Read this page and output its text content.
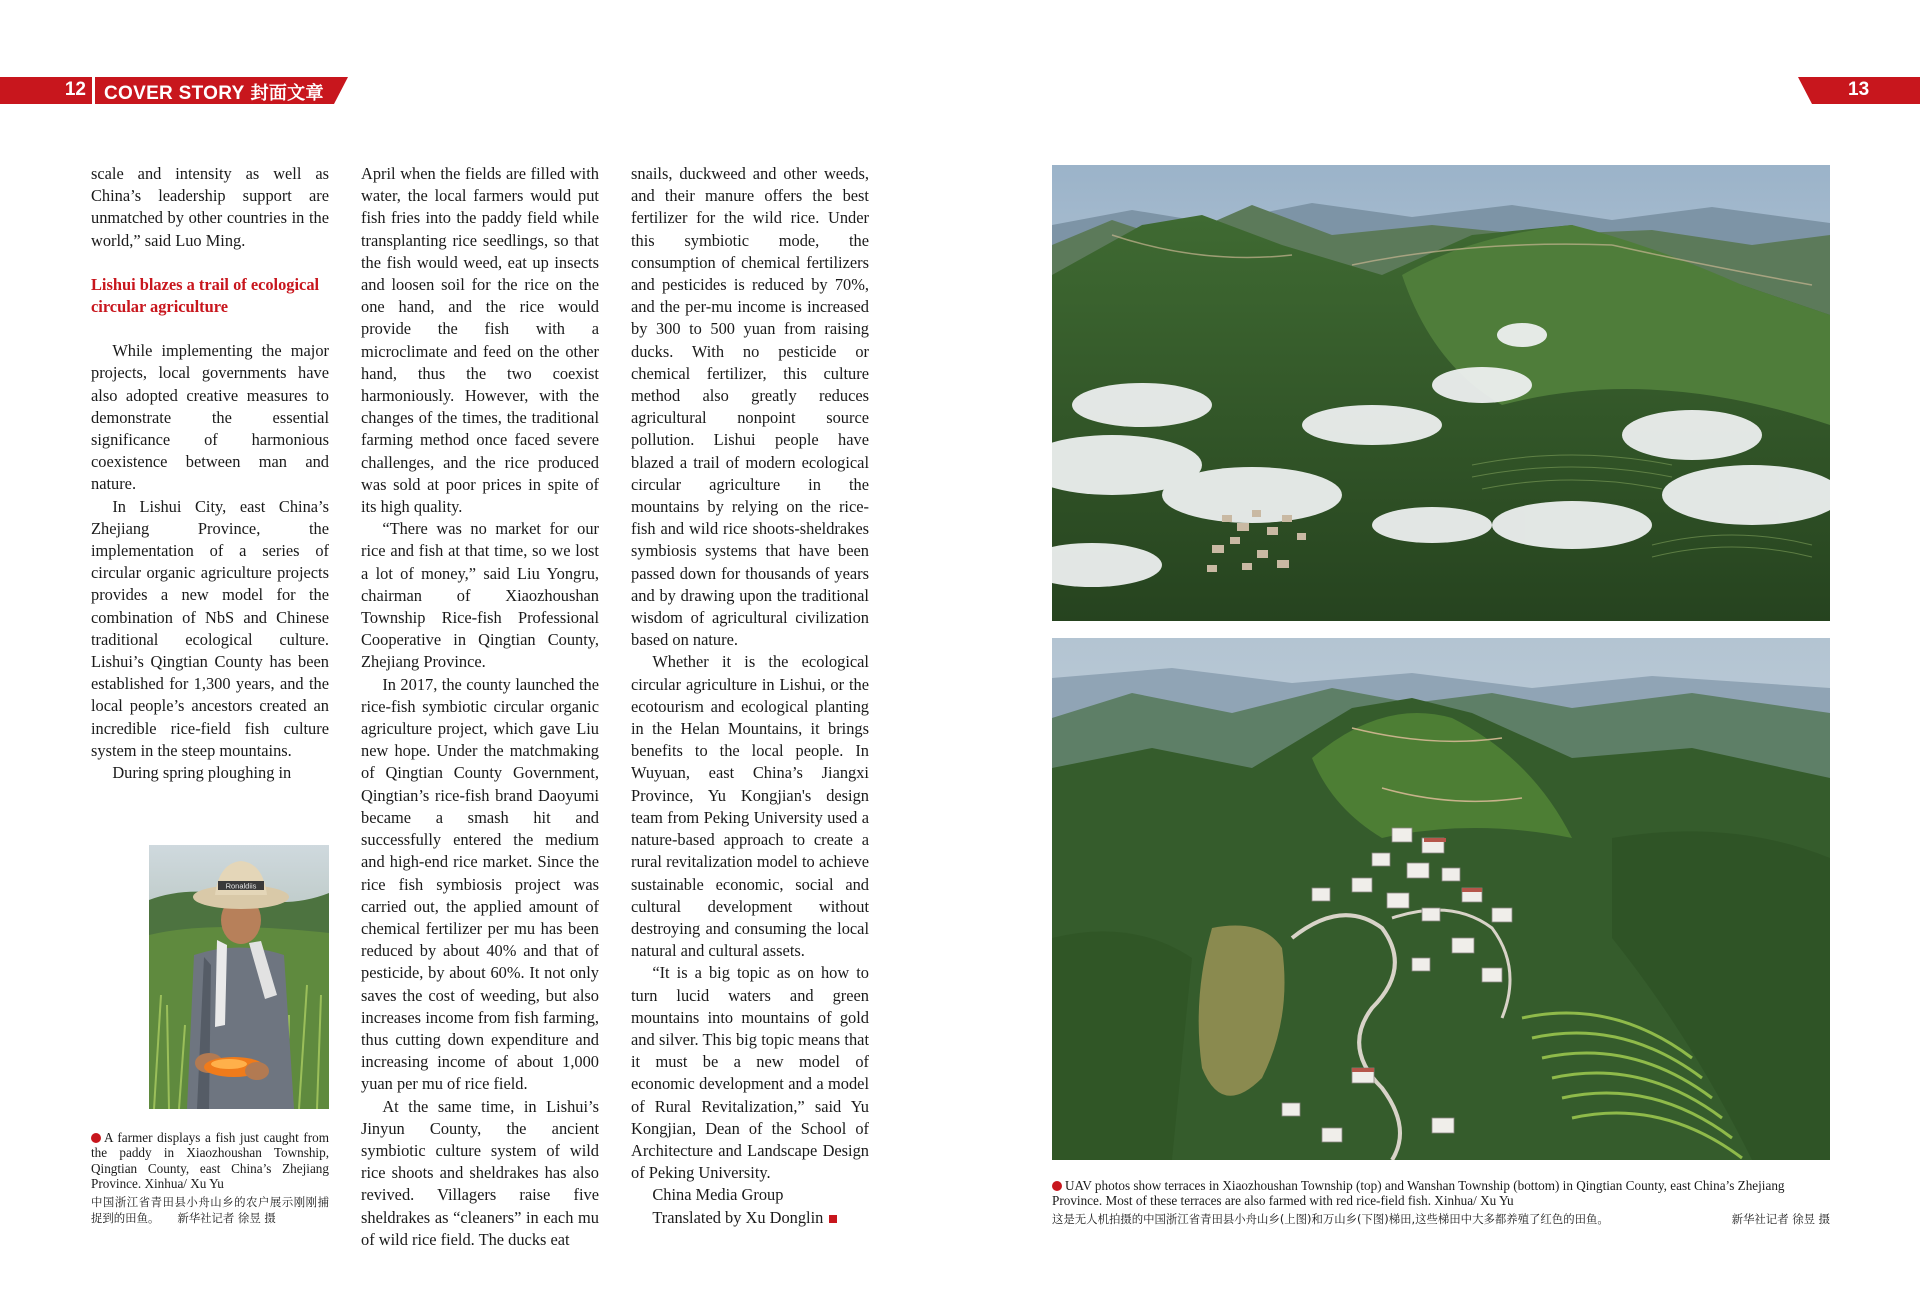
12 COVER STORY 封面文章	13

scale and intensity as well as China’s leadership support are unmatched by other countries in the world,” said Luo Ming.

Lishui blazes a trail of ecological circular agriculture

While implementing the major projects, local governments have also adopted creative measures to demonstrate the essential significance of harmonious coexistence between man and nature.

In Lishui City, east China’s Zhejiang Province, the implementation of a series of circular organic agriculture projects provides a new model for the combination of NbS and Chinese traditional ecological culture. Lishui’s Qingtian County has been established for 1,300 years, and the local people’s ancestors created an incredible rice-field fish culture system in the steep mountains.

During spring ploughing in

April when the fields are filled with water, the local farmers would put fish fries into the paddy field while transplanting rice seedlings, so that the fish would weed, eat up insects and loosen soil for the rice on the one hand, and the rice would provide the fish with a microclimate and feed on the other hand, thus the two coexist harmoniously. However, with the changes of the times, the traditional farming method once faced severe challenges, and the rice produced was sold at poor prices in spite of its high quality.

“There was no market for our rice and fish at that time, so we lost a lot of money,” said Liu Yongru, chairman of Xiaozhoushan Township Rice-fish Professional Cooperative in Qingtian County, Zhejiang Province.

In 2017, the county launched the rice-fish symbiotic circular organic agriculture project, which gave Liu new hope. Under the matchmaking of Qingtian County Government, Qingtian’s rice-fish brand Daoyumi became a smash hit and successfully entered the medium and high-end rice market. Since the rice fish symbiosis project was carried out, the applied amount of chemical fertilizer per mu has been reduced by about 40% and that of pesticide, by about 60%. It not only saves the cost of weeding, but also increases income from fish farming, thus cutting down expenditure and increasing income of about 1,000 yuan per mu of rice field.

At the same time, in Lishui’s Jinyun County, the ancient symbiotic culture system of wild rice shoots and sheldrakes has also revived. Villagers raise five sheldrakes as “cleaners” in each mu of wild rice field. The ducks eat

snails, duckweed and other weeds, and their manure offers the best fertilizer for the wild rice. Under this symbiotic mode, the consumption of chemical fertilizers and pesticides is reduced by 70%, and the per-mu income is increased by 300 to 500 yuan from raising ducks. With no pesticide or chemical fertilizer, this culture method also greatly reduces agricultural nonpoint source pollution. Lishui people have blazed a trail of modern ecological circular agriculture in the mountains by relying on the rice-fish and wild rice shoots-sheldrakes symbiosis systems that have been passed down for thousands of years and by drawing upon the traditional wisdom of agricultural civilization based on nature.

Whether it is the ecological circular agriculture in Lishui, or the ecotourism and ecological planting in the Helan Mountains, it brings benefits to the local people. In Wuyuan, east China’s Jiangxi Province, Yu Kongjian's design team from Peking University used a nature-based approach to create a rural revitalization model to achieve sustainable economic, social and cultural development without destroying and consuming the local natural and cultural assets.

“It is a big topic as on how to turn lucid waters and green mountains into mountains of gold and silver. This big topic means that it must be a new model of economic development and a model of Rural Revitalization,” said Yu Kongjian, Dean of the School of Architecture and Landscape Design of Peking University.

China Media Group

Translated by Xu Donglin

Ronaldiis
A farmer displays a fish just caught from the paddy in Xiaozhoushan Township, Qingtian County, east China’s Zhejiang Province. Xinhua/ Xu Yu
中国浙江省青田县小舟山乡的农户展示刚刚捕捉到的田鱼。 新华社记者 徐昱 摄
UAV photos show terraces in Xiaozhoushan Township (top) and Wanshan Township (bottom) in Qingtian County, east China’s Zhejiang Province. Most of these terraces are also farmed with red rice-field fish. Xinhua/ Xu Yu
这是无人机拍摄的中国浙江省青田县小舟山乡(上图)和万山乡(下图)梯田,这些梯田中大多都养殖了红色的田鱼。	新华社记者 徐昱 摄
